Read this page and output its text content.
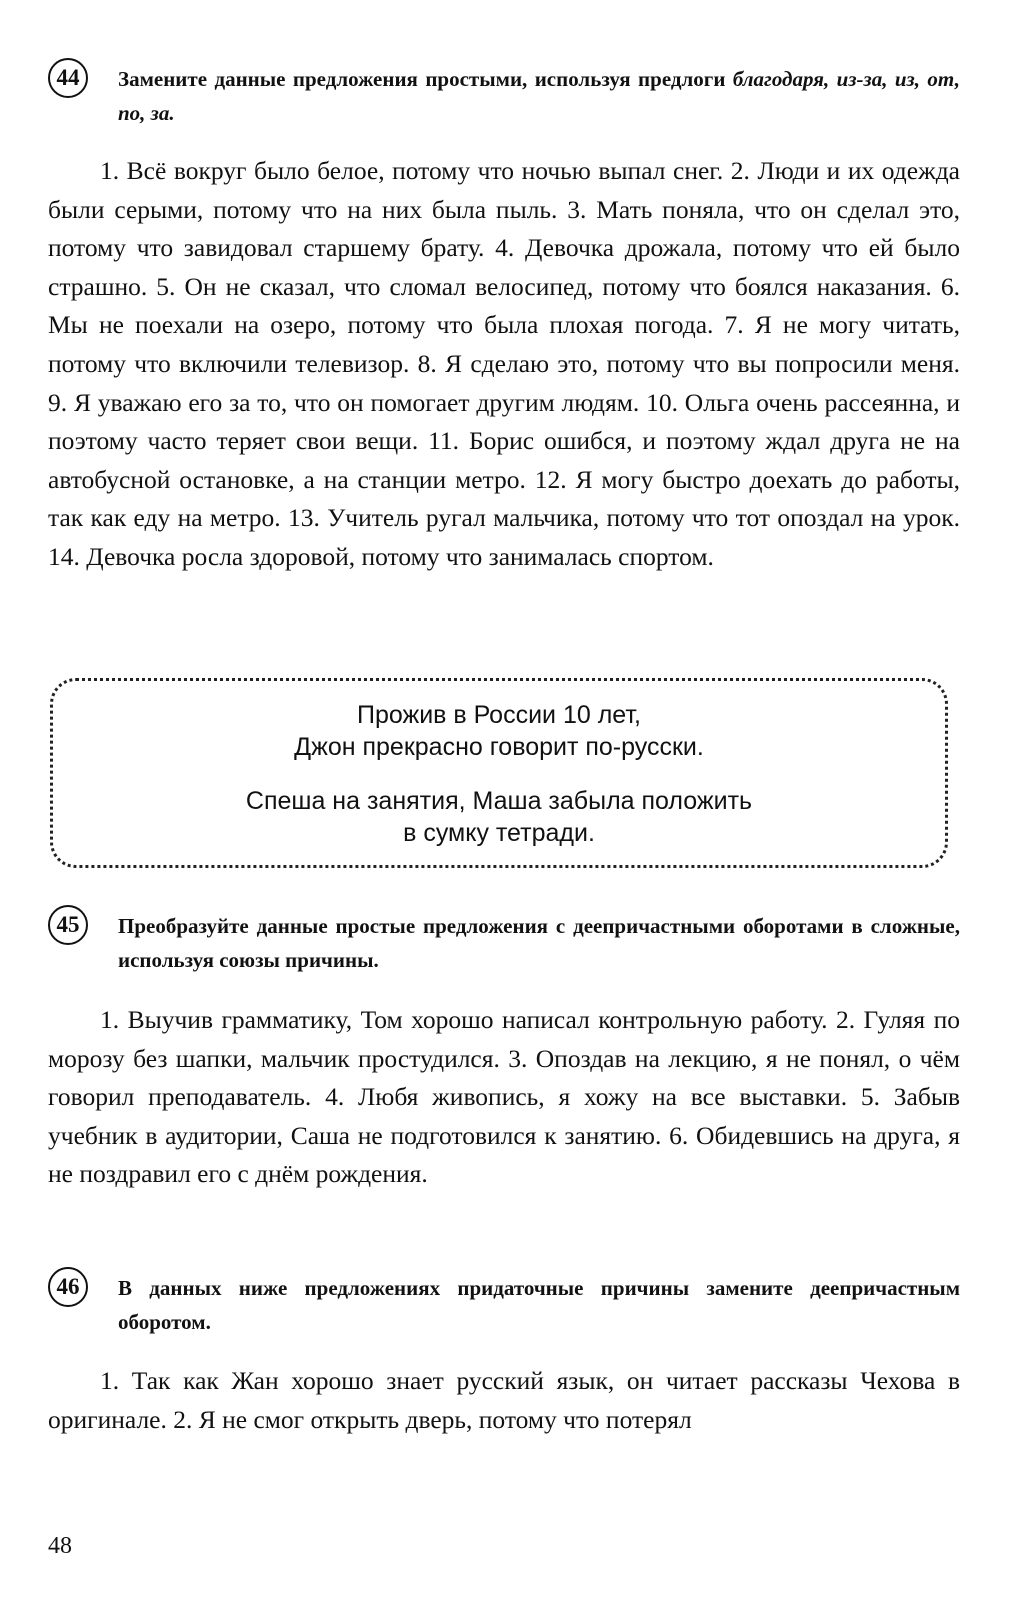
44	Замените данные предложения простыми, используя предлоги благодаря, из-за, из, от, по, за.

1. Всё вокруг было белое, потому что ночью выпал снег. 2. Люди и их одежда были серыми, потому что на них была пыль. 3. Мать поняла, что он сделал это, потому что завидовал старшему брату. 4. Девочка дрожала, потому что ей было страшно. 5. Он не сказал, что сломал велосипед, потому что боялся наказания. 6. Мы не поехали на озеро, потому что была плохая погода. 7. Я не могу читать, потому что включили телевизор. 8. Я сделаю это, потому что вы попросили меня. 9. Я уважаю его за то, что он помогает другим людям. 10. Ольга очень рассеянна, и поэтому часто теряет свои вещи. 11. Борис ошибся, и поэтому ждал друга не на автобусной остановке, а на станции метро. 12. Я могу быстро доехать до работы, так как еду на метро. 13. Учитель ругал мальчика, потому что тот опоздал на урок. 14. Девочка росла здоровой, потому что занималась спортом.

Прожив в России 10 лет,
Джон прекрасно говорит по-русски.
Спеша на занятия, Маша забыла положить
в сумку тетради.
45	Преобразуйте данные простые предложения с деепричастными оборотами в сложные, используя союзы причины.

1. Выучив грамматику, Том хорошо написал контрольную работу. 2. Гуляя по морозу без шапки, мальчик простудился. 3. Опоздав на лекцию, я не понял, о чём говорил преподаватель. 4. Любя живопись, я хожу на все выставки. 5. Забыв учебник в аудитории, Саша не подготовился к занятию. 6. Обидевшись на друга, я не поздравил его с днём рождения.

46	В данных ниже предложениях придаточные причины замените деепричастным оборотом.

1. Так как Жан хорошо знает русский язык, он читает рассказы Чехова в оригинале. 2. Я не смог открыть дверь, потому что потерял

48
